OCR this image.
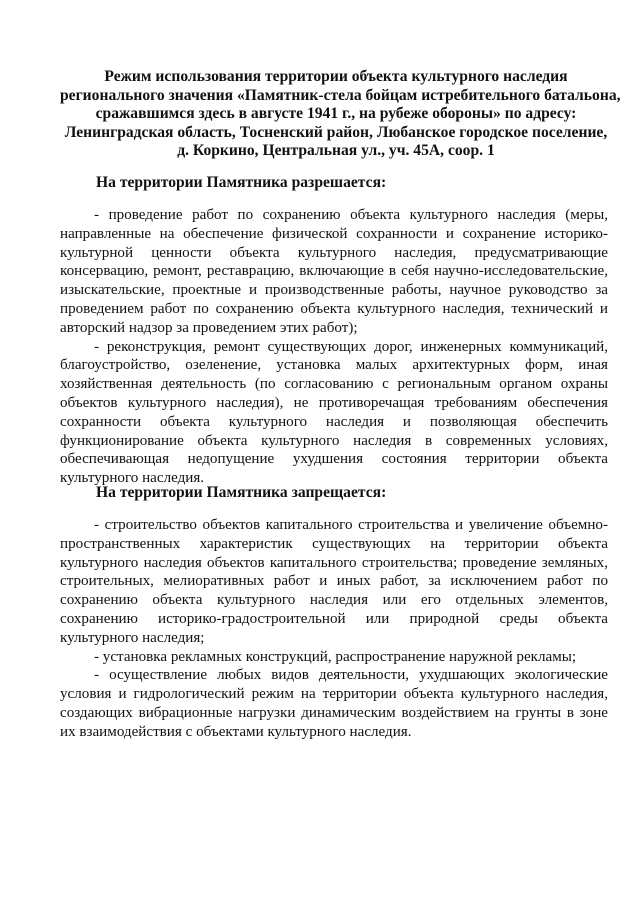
Режим использования территории объекта культурного наследия
регионального значения «Памятник-стела бойцам истребительного батальона,
сражавшимся здесь в августе 1941 г., на рубеже обороны» по адресу:
Ленинградская область, Тосненский район, Любанское городское поселение,
д. Коркино, Центральная ул., уч. 45А, соор. 1
На территории Памятника разрешается:
- проведение работ по сохранению объекта культурного наследия (меры, направленные на обеспечение физической сохранности и сохранение историко-культурной ценности объекта культурного наследия, предусматривающие консервацию, ремонт, реставрацию, включающие в себя научно-исследовательские, изыскательские, проектные и производственные работы, научное руководство за проведением работ по сохранению объекта культурного наследия, технический и авторский надзор за проведением этих работ);
- реконструкция, ремонт существующих дорог, инженерных коммуникаций, благоустройство, озеленение, установка малых архитектурных форм, иная хозяйственная деятельность (по согласованию с региональным органом охраны объектов культурного наследия), не противоречащая требованиям обеспечения сохранности объекта культурного наследия и позволяющая обеспечить функционирование объекта культурного наследия в современных условиях, обеспечивающая недопущение ухудшения состояния территории объекта культурного наследия.
На территории Памятника запрещается:
- строительство объектов капитального строительства и увеличение объемно-пространственных характеристик существующих на территории объекта культурного наследия объектов капитального строительства; проведение земляных, строительных, мелиоративных работ и иных работ, за исключением работ по сохранению объекта культурного наследия или его отдельных элементов, сохранению историко-градостроительной или природной среды объекта культурного наследия;
- установка рекламных конструкций, распространение наружной рекламы;
- осуществление любых видов деятельности, ухудшающих экологические условия и гидрологический режим на территории объекта культурного наследия, создающих вибрационные нагрузки динамическим воздействием на грунты в зоне их взаимодействия с объектами культурного наследия.
